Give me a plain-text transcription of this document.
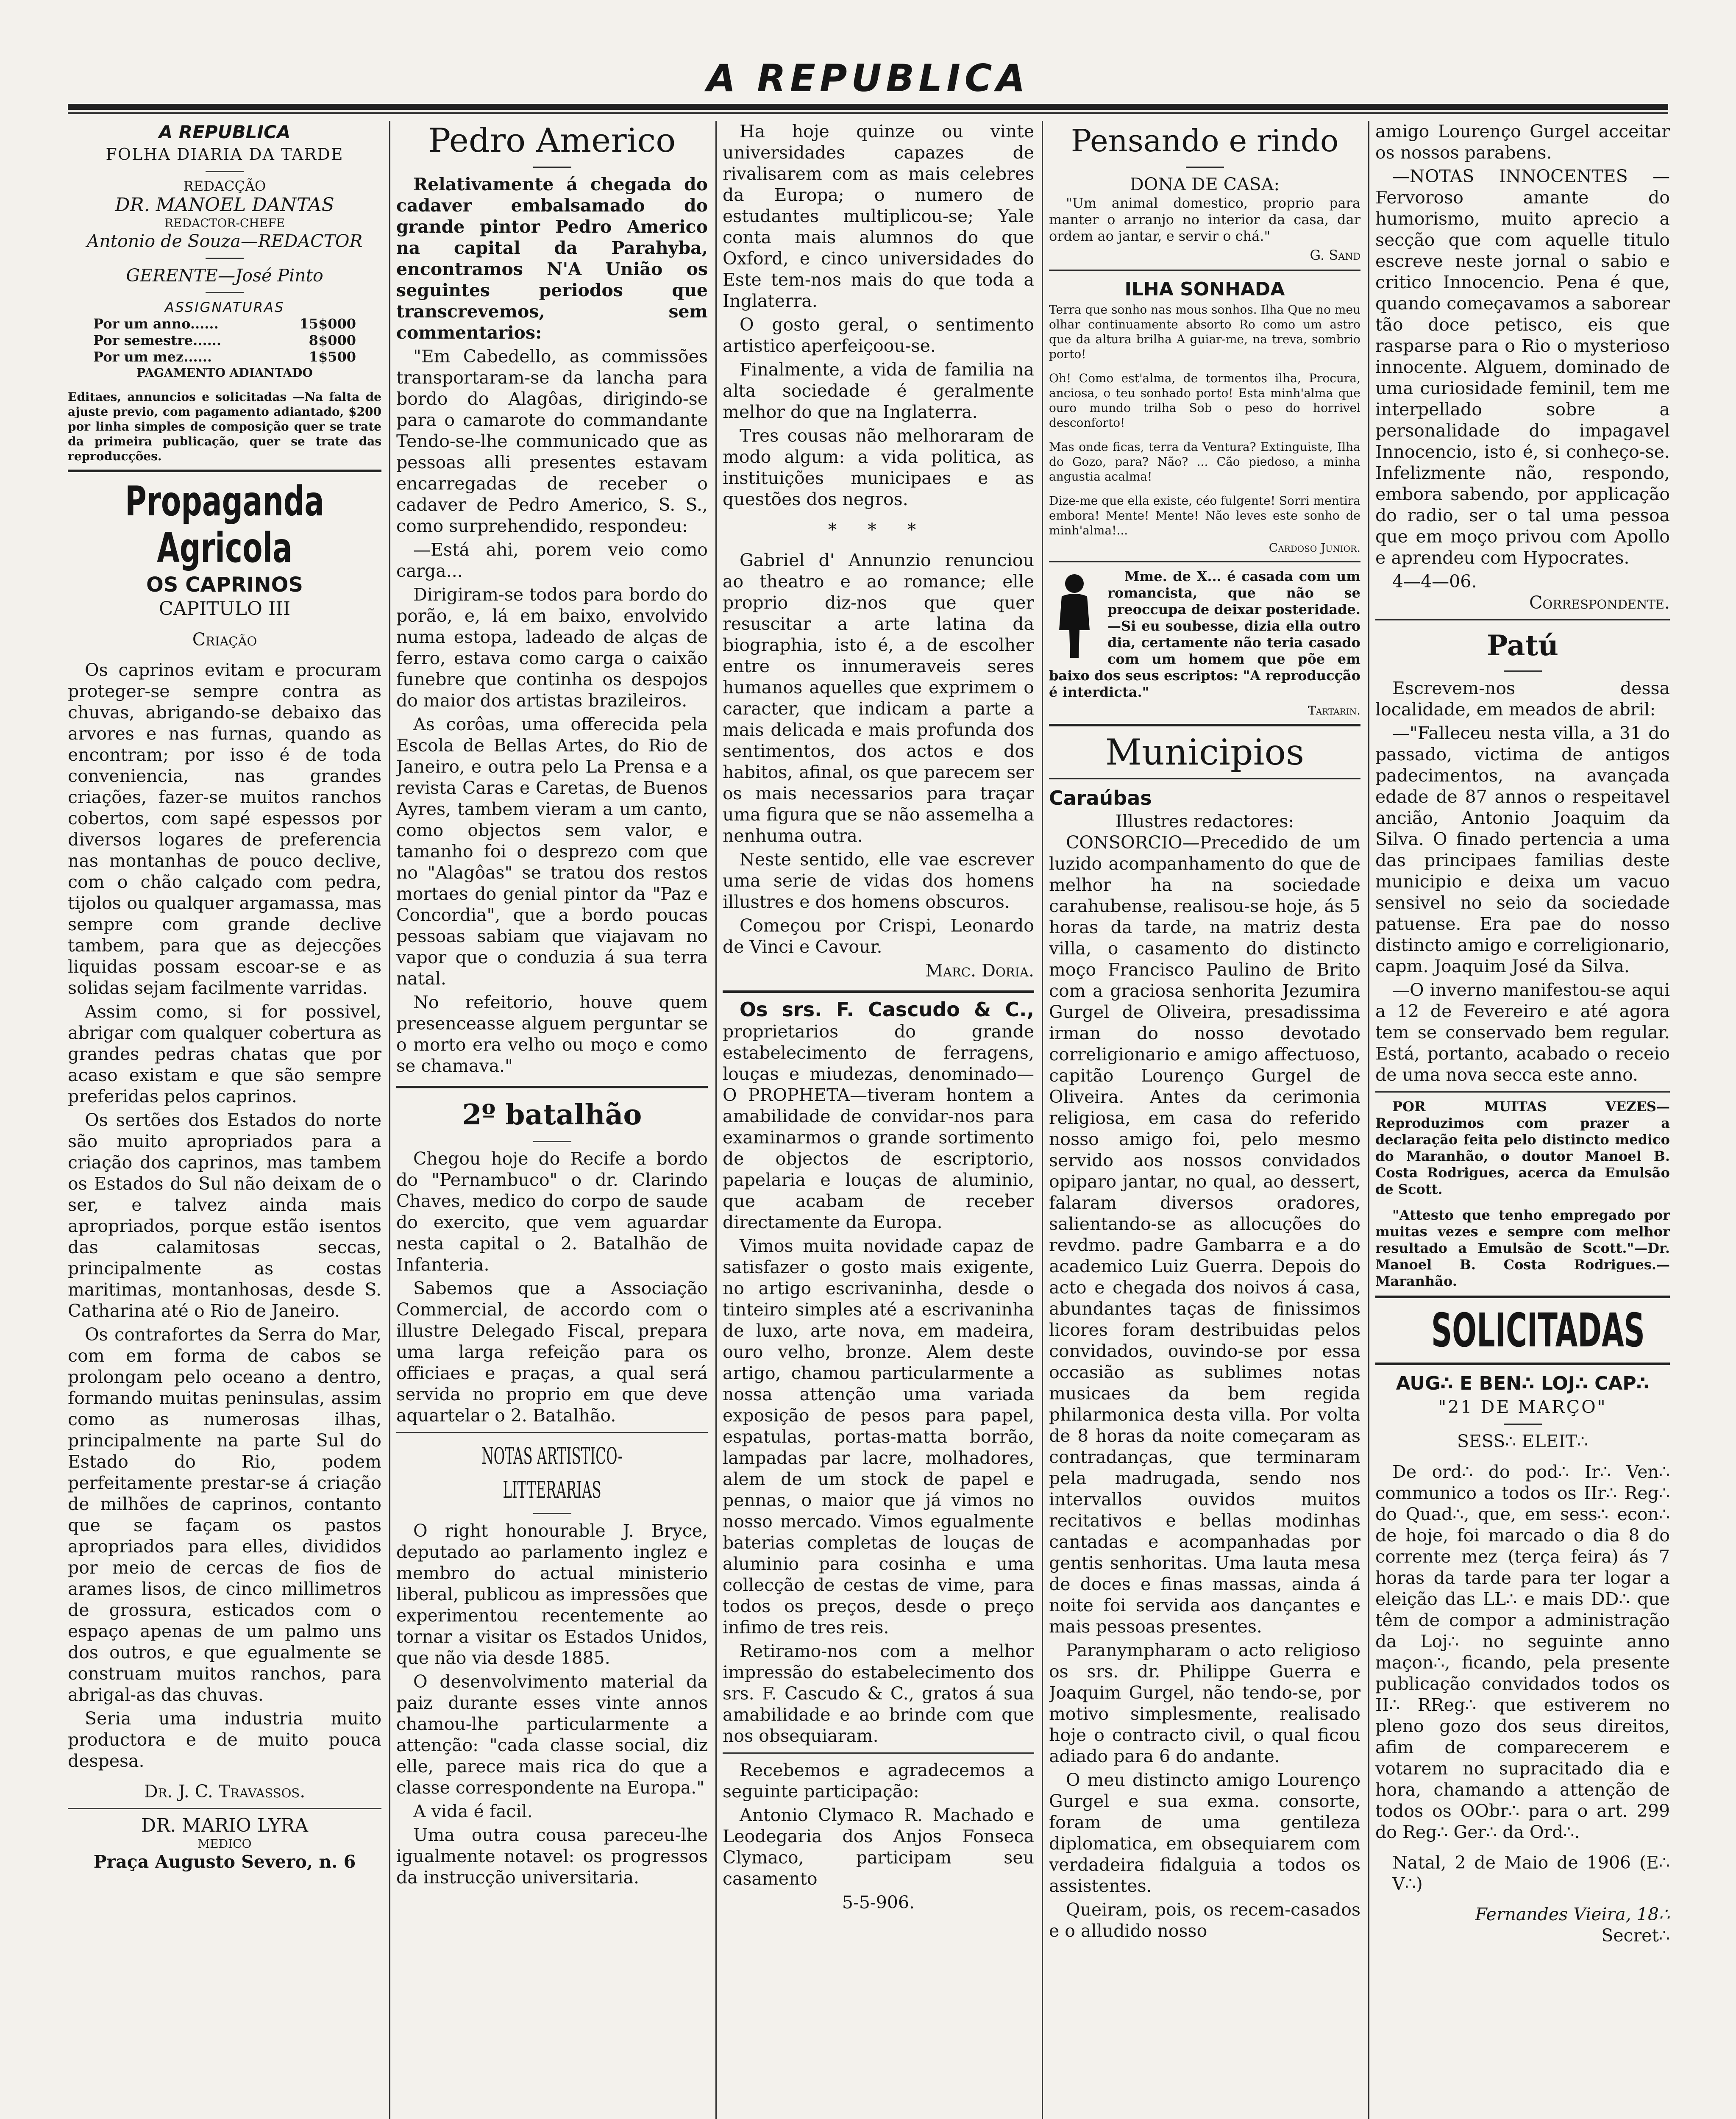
A REPUBLICA
A REPUBLICA
FOLHA DIARIA DA TARDE
REDACÇÃO
DR. MANOEL DANTAS
REDACTOR-CHEFE
Antonio de Souza—REDACTOR
GERENTE—José Pinto
ASSIGNATURAS
Por um anno......	15$000
Por semestre......	8$000
Por um mez......	1$500
PAGAMENTO ADIANTADO

Editaes, annuncios e solicitadas —Na falta de ajuste previo, com pagamento adiantado, $200 por linha simples de composição quer se trate da primeira publicação, quer se trate das reproducções.

Propaganda Agricola
OS CAPRINOS
CAPITULO III
Criação

Os caprinos evitam e procuram proteger-se sempre contra as chuvas, abrigando-se debaixo das arvores e nas furnas, quando as encontram; por isso é de toda conveniencia, nas grandes criações, fazer-se muitos ranchos cobertos, com sapé espessos por diversos logares de preferencia nas montanhas de pouco declive, com o chão calçado com pedra, tijolos ou qualquer argamassa, mas sempre com grande declive tambem, para que as dejecções liquidas possam escoar-se e as solidas sejam facilmente varridas.

Assim como, si for possivel, abrigar com qualquer cobertura as grandes pedras chatas que por acaso existam e que são sempre preferidas pelos caprinos.

Os sertões dos Estados do norte são muito apropriados para a criação dos caprinos, mas tambem os Estados do Sul não deixam de o ser, e talvez ainda mais apropriados, porque estão isentos das calamitosas seccas, principalmente as costas maritimas, montanhosas, desde S. Catharina até o Rio de Janeiro.

Os contrafortes da Serra do Mar, com em forma de cabos se prolongam pelo oceano a dentro, formando muitas peninsulas, assim como as numerosas ilhas, principalmente na parte Sul do Estado do Rio, podem perfeitamente prestar-se á criação de milhões de caprinos, contanto que se façam os pastos apropriados para elles, divididos por meio de cercas de fios de arames lisos, de cinco millimetros de grossura, esticados com o espaço apenas de um palmo uns dos outros, e que egualmente se construam muitos ranchos, para abrigal-as das chuvas.

Seria uma industria muito productora e de muito pouca despesa.

Dr. J. C. Travassos.
DR. MARIO LYRA
MEDICO
Praça Augusto Severo, n. 6
Pedro Americo

Relativamente á chegada do cadaver embalsamado do grande pintor Pedro Americo na capital da Parahyba, encontramos N'A União os seguintes periodos que transcrevemos, sem commentarios:

"Em Cabedello, as commissões transportaram-se da lancha para bordo do Alagôas, dirigindo-se para o camarote do commandante Tendo-se-lhe communicado que as pessoas alli presentes estavam encarregadas de receber o cadaver de Pedro Americo, S. S., como surprehendido, respondeu:

—Está ahi, porem veio como carga...

Dirigiram-se todos para bordo do porão, e, lá em baixo, envolvido numa estopa, ladeado de alças de ferro, estava como carga o caixão funebre que continha os despojos do maior dos artistas brazileiros.

As corôas, uma offerecida pela Escola de Bellas Artes, do Rio de Janeiro, e outra pelo La Prensa e a revista Caras e Caretas, de Buenos Ayres, tambem vieram a um canto, como objectos sem valor, e tamanho foi o desprezo com que no "Alagôas" se tratou dos restos mortaes do genial pintor da "Paz e Concordia", que a bordo poucas pessoas sabiam que viajavam no vapor que o conduzia á sua terra natal.

No refeitorio, houve quem presenceasse alguem perguntar se o morto era velho ou moço e como se chamava."

2º batalhão

Chegou hoje do Recife a bordo do "Pernambuco" o dr. Clarindo Chaves, medico do corpo de saude do exercito, que vem aguardar nesta capital o 2. Batalhão de Infanteria.

Sabemos que a Associação Commercial, de accordo com o illustre Delegado Fiscal, prepara uma larga refeição para os officiaes e praças, a qual será servida no proprio em que deve aquartelar o 2. Batalhão.

NOTAS ARTISTICO-LITTERARIAS

O right honourable J. Bryce, deputado ao parlamento inglez e membro do actual ministerio liberal, publicou as impressões que experimentou recentemente ao tornar a visitar os Estados Unidos, que não via desde 1885.

O desenvolvimento material da paiz durante esses vinte annos chamou-lhe particularmente a attenção: "cada classe social, diz elle, parece mais rica do que a classe correspondente na Europa."

A vida é facil.

Uma outra cousa pareceu-lhe igualmente notavel: os progressos da instrucção universitaria.

Ha hoje quinze ou vinte universidades capazes de rivalisarem com as mais celebres da Europa; o numero de estudantes multiplicou-se; Yale conta mais alumnos do que Oxford, e cinco universidades do Este tem-nos mais do que toda a Inglaterra.

O gosto geral, o sentimento artistico aperfeiçoou-se.

Finalmente, a vida de familia na alta sociedade é geralmente melhor do que na Inglaterra.

Tres cousas não melhoraram de modo algum: a vida politica, as instituições municipaes e as questões dos negros.

* * *

Gabriel d' Annunzio renunciou ao theatro e ao romance; elle proprio diz-nos que quer resuscitar a arte latina da biographia, isto é, a de escolher entre os innumeraveis seres humanos aquelles que exprimem o caracter, que indicam a parte a mais delicada e mais profunda dos sentimentos, dos actos e dos habitos, afinal, os que parecem ser os mais necessarios para traçar uma figura que se não assemelha a nenhuma outra.

Neste sentido, elle vae escrever uma serie de vidas dos homens illustres e dos homens obscuros.

Começou por Crispi, Leonardo de Vinci e Cavour.

Marc. Doria.

Os srs. F. Cascudo & C., proprietarios do grande estabelecimento de ferragens, louças e miudezas, denominado—O PROPHETA—tiveram hontem a amabilidade de convidar-nos para examinarmos o grande sortimento de objectos de escriptorio, papelaria e louças de aluminio, que acabam de receber directamente da Europa.

Vimos muita novidade capaz de satisfazer o gosto mais exigente, no artigo escrivaninha, desde o tinteiro simples até a escrivaninha de luxo, arte nova, em madeira, ouro velho, bronze. Alem deste artigo, chamou particularmente a nossa attenção uma variada exposição de pesos para papel, espatulas, portas-matta borrão, lampadas par lacre, molhadores, alem de um stock de papel e pennas, o maior que já vimos no nosso mercado. Vimos egualmente baterias completas de louças de aluminio para cosinha e uma collecção de cestas de vime, para todos os preços, desde o preço infimo de tres reis.

Retiramo-nos com a melhor impressão do estabelecimento dos srs. F. Cascudo & C., gratos á sua amabilidade e ao brinde com que nos obsequiaram.

Recebemos e agradecemos a seguinte participação:

Antonio Clymaco R. Machado e Leodegaria dos Anjos Fonseca Clymaco, participam seu casamento

5-5-906.
Pensando e rindo
DONA DE CASA:

"Um animal domestico, proprio para manter o arranjo no interior da casa, dar ordem ao jantar, e servir o chá."

G. Sand
ILHA SONHADA

Terra que sonho nas mous sonhos. Ilha Que no meu olhar continuamente absorto Ro como um astro que da altura brilha A guiar-me, na treva, sombrio porto!

Oh! Como est'alma, de tormentos ilha, Procura, anciosa, o teu sonhado porto! Esta minh'alma que ouro mundo trilha Sob o peso do horrivel desconforto!

Mas onde ficas, terra da Ventura? Extinguiste, Ilha do Gozo, para? Não? ... Cão piedoso, a minha angustia acalma!

Dize-me que ella existe, céo fulgente! Sorri mentira embora! Mente! Mente! Não leves este sonho de minh'alma!...

Cardoso Junior.

Mme. de X... é casada com um romancista, que não se preoccupa de deixar posteridade. —Si eu soubesse, dizia ella outro dia, certamente não teria casado com um homem que põe em baixo dos seus escriptos: "A reproducção é interdicta."

Tartarin.
Municipios
Caraúbas
Illustres redactores:

CONSORCIO—Precedido de um luzido acompanhamento do que de melhor ha na sociedade carahubense, realisou-se hoje, ás 5 horas da tarde, na matriz desta villa, o casamento do distincto moço Francisco Paulino de Brito com a graciosa senhorita Jezumira Gurgel de Oliveira, presadissima irman do nosso devotado correligionario e amigo affectuoso, capitão Lourenço Gurgel de Oliveira. Antes da cerimonia religiosa, em casa do referido nosso amigo foi, pelo mesmo servido aos nossos convidados opiparo jantar, no qual, ao dessert, falaram diversos oradores, salientando-se as allocuções do revdmo. padre Gambarra e a do academico Luiz Guerra. Depois do acto e chegada dos noivos á casa, abundantes taças de finissimos licores foram destribuidas pelos convidados, ouvindo-se por essa occasião as sublimes notas musicaes da bem regida philarmonica desta villa. Por volta de 8 horas da noite começaram as contradanças, que terminaram pela madrugada, sendo nos intervallos ouvidos muitos recitativos e bellas modinhas cantadas e acompanhadas por gentis senhoritas. Uma lauta mesa de doces e finas massas, ainda á noite foi servida aos dançantes e mais pessoas presentes.

Paranympharam o acto religioso os srs. dr. Philippe Guerra e Joaquim Gurgel, não tendo-se, por motivo simplesmente, realisado hoje o contracto civil, o qual ficou adiado para 6 do andante.

O meu distincto amigo Lourenço Gurgel e sua exma. consorte, foram de uma gentileza diplomatica, em obsequiarem com verdadeira fidalguia a todos os assistentes.

Queiram, pois, os recem-casados e o alludido nosso

amigo Lourenço Gurgel acceitar os nossos parabens.

—NOTAS INNOCENTES —Fervoroso amante do humorismo, muito aprecio a secção que com aquelle titulo escreve neste jornal o sabio e critico Innocencio. Pena é que, quando começavamos a saborear tão doce petisco, eis que rasparse para o Rio o mysterioso innocente. Alguem, dominado de uma curiosidade feminil, tem me interpellado sobre a personalidade do impagavel Innocencio, isto é, si conheço-se. Infelizmente não, respondo, embora sabendo, por applicação do radio, ser o tal uma pessoa que em moço privou com Apollo e aprendeu com Hypocrates.

4—4—06.
Correspondente.
Patú

Escrevem-nos dessa localidade, em meados de abril:

—"Falleceu nesta villa, a 31 do passado, victima de antigos padecimentos, na avançada edade de 87 annos o respeitavel ancião, Antonio Joaquim da Silva. O finado pertencia a uma das principaes familias deste municipio e deixa um vacuo sensivel no seio da sociedade patuense. Era pae do nosso distincto amigo e correligionario, capm. Joaquim José da Silva.

—O inverno manifestou-se aqui a 12 de Fevereiro e até agora tem se conservado bem regular. Está, portanto, acabado o receio de uma nova secca este anno.

POR MUITAS VEZES—Reproduzimos com prazer a declaração feita pelo distincto medico do Maranhão, o doutor Manoel B. Costa Rodrigues, acerca da Emulsão de Scott.

"Attesto que tenho empregado por muitas vezes e sempre com melhor resultado a Emulsão de Scott."—Dr. Manoel B. Costa Rodrigues.—Maranhão.

SOLICITADAS
AUG∴ E BEN∴ LOJ∴ CAP∴
"21 DE MARÇO"
SESS∴ ELEIT∴

De ord∴ do pod∴ Ir∴ Ven∴ communico a todos os IIr∴ Reg∴ do Quad∴, que, em sess∴ econ∴ de hoje, foi marcado o dia 8 do corrente mez (terça feira) ás 7 horas da tarde para ter logar a eleição das LL∴ e mais DD∴ que têm de compor a administração da Loj∴ no seguinte anno maçon∴, ficando, pela presente publicação convidados todos os II∴ RReg∴ que estiverem no pleno gozo dos seus direitos, afim de comparecerem e votarem no supracitado dia e hora, chamando a attenção de todos os OObr∴ para o art. 299 do Reg∴ Ger∴ da Ord∴.

Natal, 2 de Maio de 1906 (E∴ V∴)
Fernandes Vieira, 18∴
Secret∴
